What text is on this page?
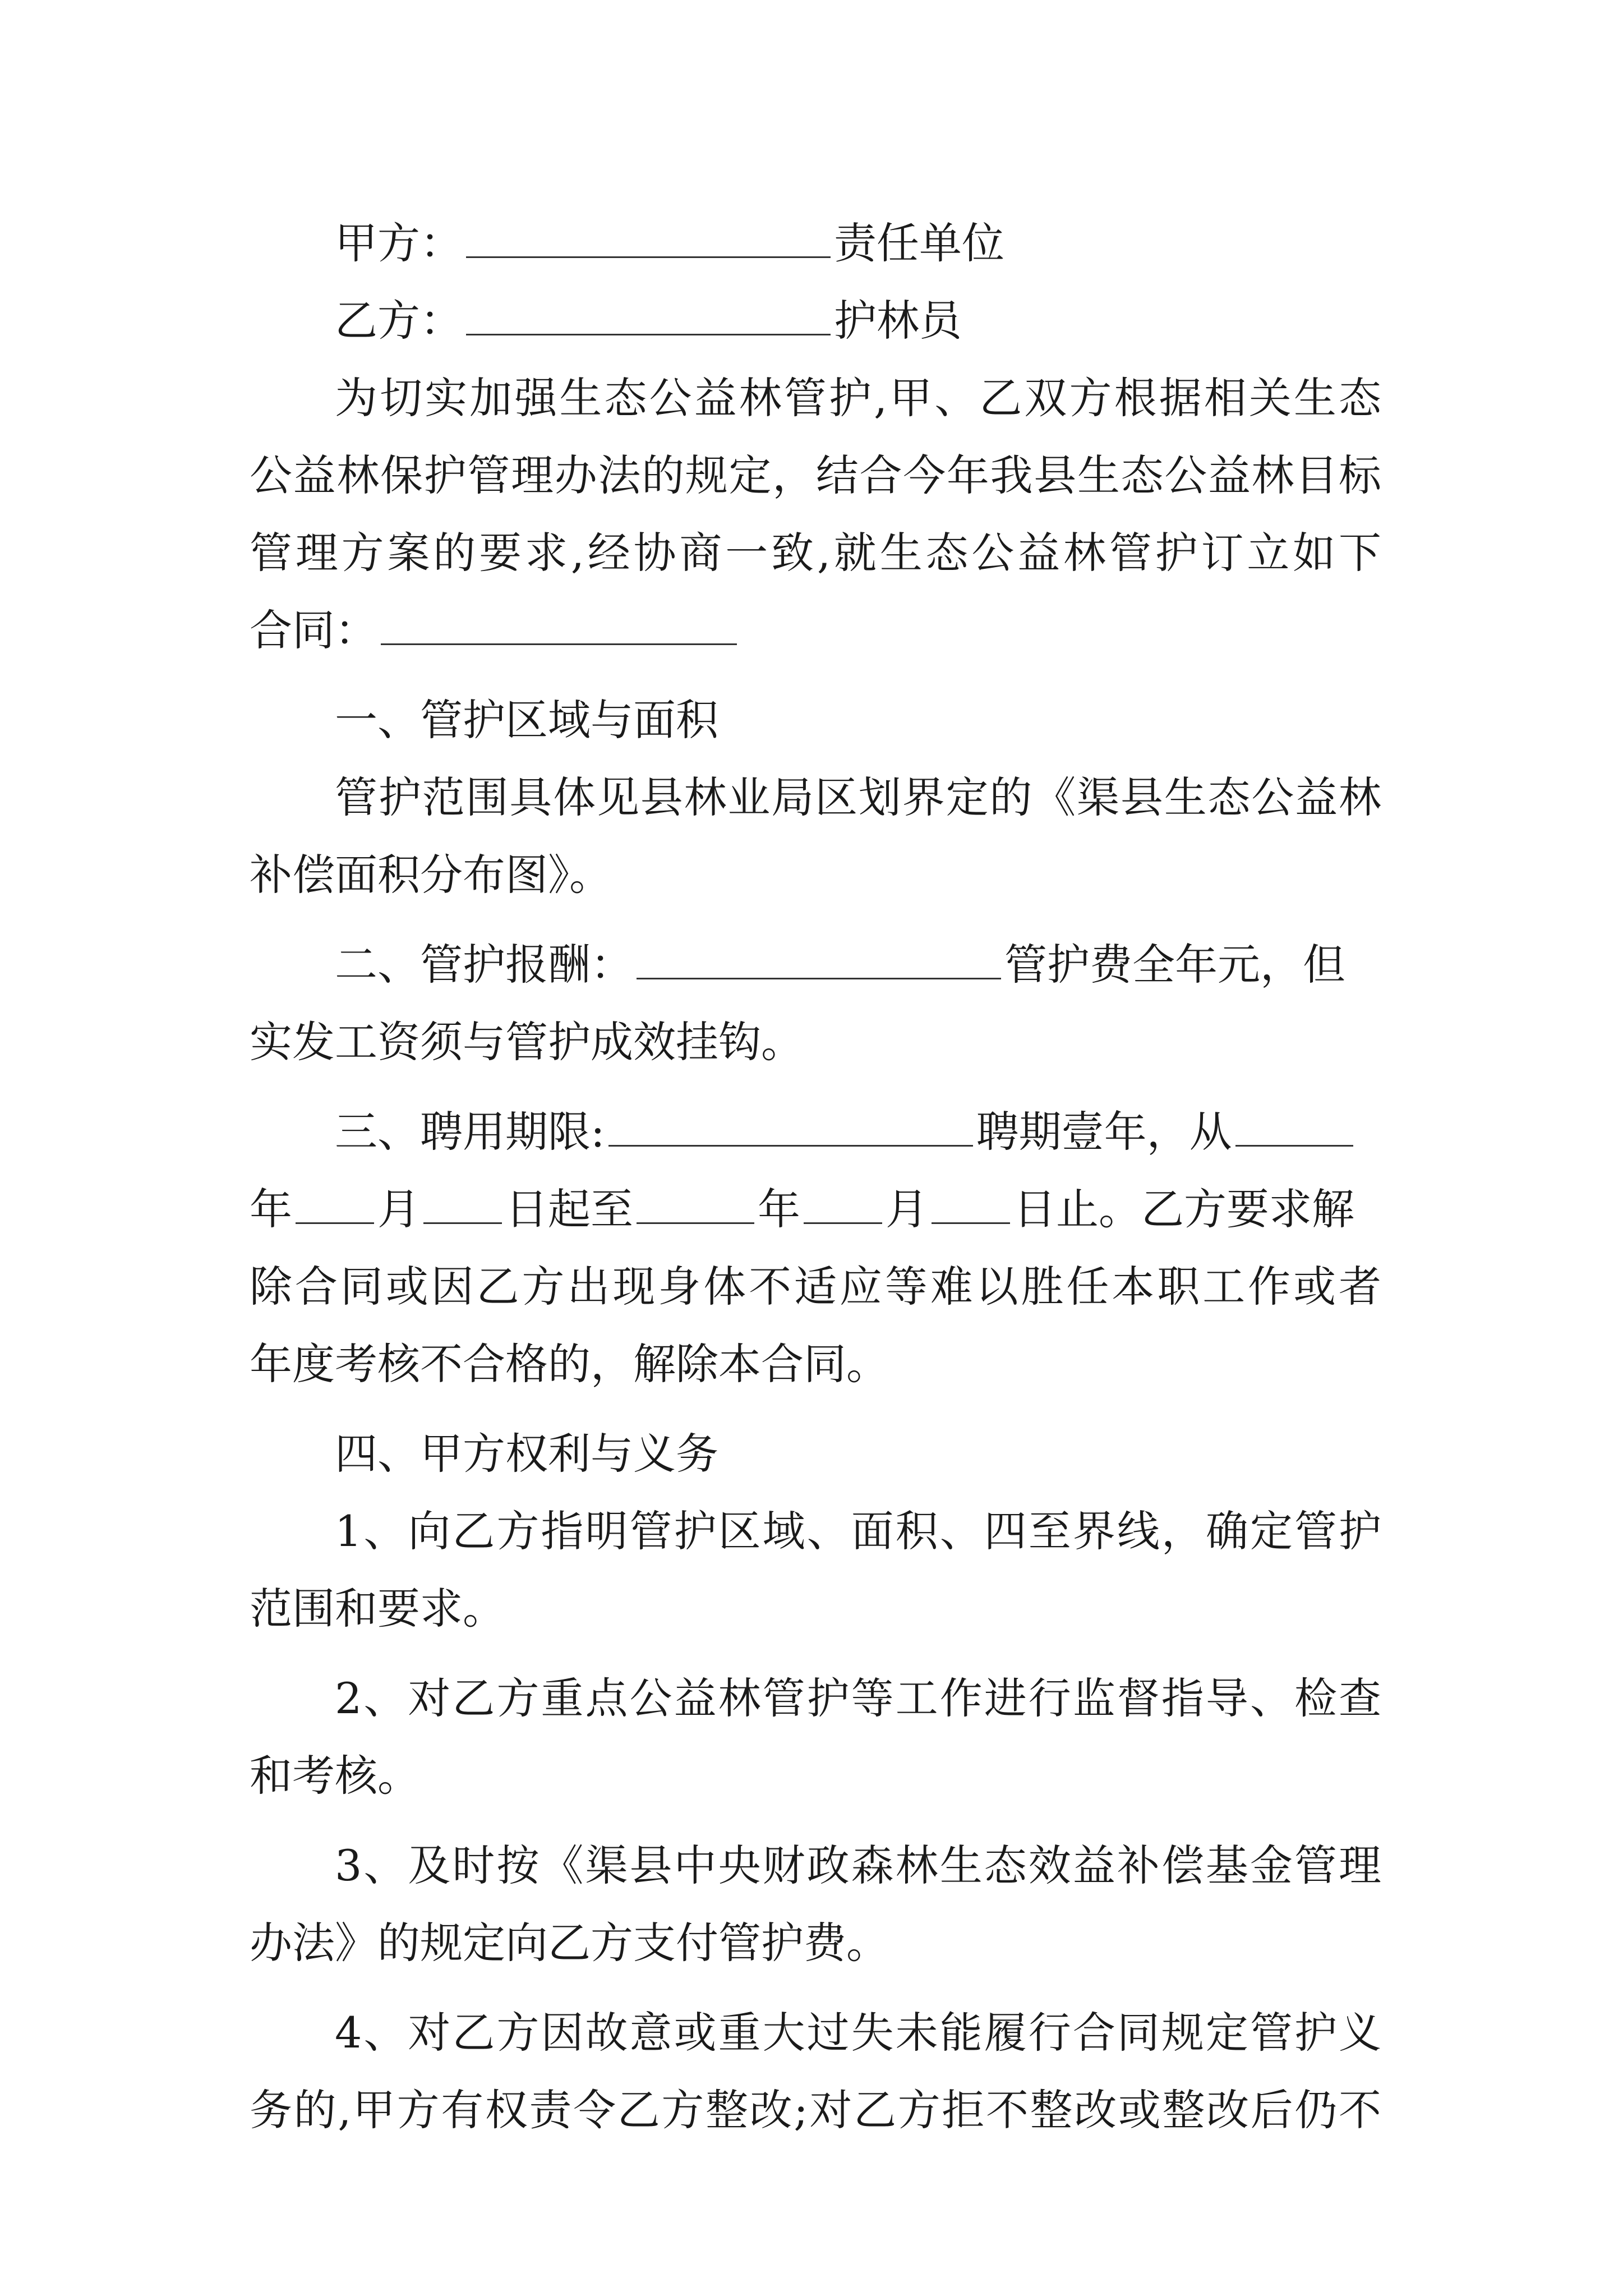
甲方：	责任单位
乙方：	护林员
为切实加强生态公益林管护,甲、乙双方根据相关生态
公益林保护管理办法的规定，结合今年我县生态公益林目标
管理方案的要求,经协商一致,就生态公益林管护订立如下
合同：
一、管护区域与面积
管护范围具体见县林业局区划界定的《渠县生态公益林
补偿面积分布图》。
二、管护报酬：	管护费全年元，但
实发工资须与管护成效挂钩。
三、聘用期限:	聘期壹年，从
年 月 日起至	年 月 日止。乙方要求解
除合同或因乙方出现身体不适应等难以胜任本职工作或者
年度考核不合格的，解除本合同。
四、甲方权利与义务
1、向乙方指明管护区域、面积、四至界线，确定管护
范围和要求。
2、对乙方重点公益林管护等工作进行监督指导、检查
和考核。
3、及时按《渠县中央财政森林生态效益补偿基金管理
办法》的规定向乙方支付管护费。
4、对乙方因故意或重大过失未能履行合同规定管护义
务的,甲方有权责令乙方整改;对乙方拒不整改或整改后仍不
